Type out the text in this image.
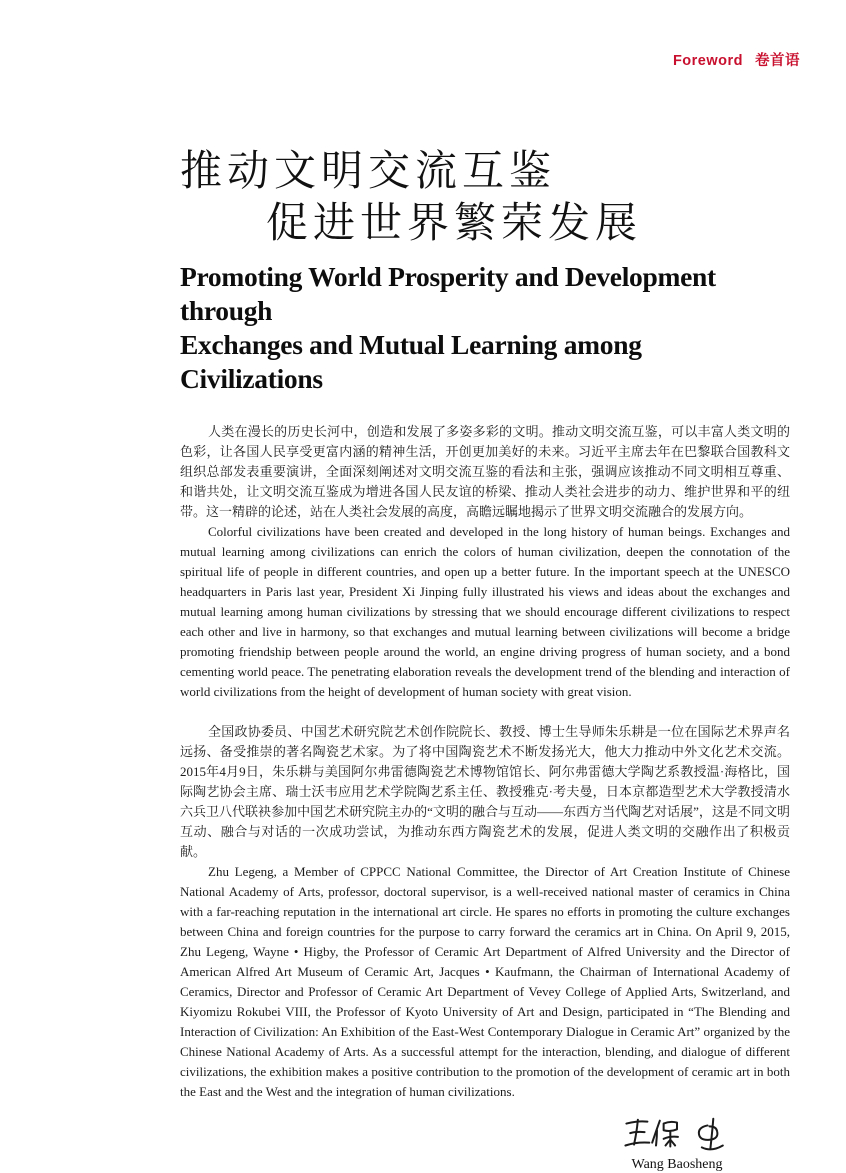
Foreword 卷首语
推动文明交流互鉴
促进世界繁荣发展
Promoting World Prosperity and Development through
Exchanges and Mutual Learning among Civilizations

人类在漫长的历史长河中，创造和发展了多姿多彩的文明。推动文明交流互鉴，可以丰富人类文明的色彩，让各国人民享受更富内涵的精神生活，开创更加美好的未来。习近平主席去年在巴黎联合国教科文组织总部发表重要演讲，全面深刻阐述对文明交流互鉴的看法和主张，强调应该推动不同文明相互尊重、和谐共处，让文明交流互鉴成为增进各国人民友谊的桥梁、推动人类社会进步的动力、维护世界和平的纽带。这一精辟的论述，站在人类社会发展的高度，高瞻远瞩地揭示了世界文明交流融合的发展方向。

Colorful civilizations have been created and developed in the long history of human beings. Exchanges and mutual learning among civilizations can enrich the colors of human civilization, deepen the connotation of the spiritual life of people in different countries, and open up a better future. In the important speech at the UNESCO headquarters in Paris last year, President Xi Jinping fully illustrated his views and ideas about the exchanges and mutual learning among human civilizations by stressing that we should encourage different civilizations to respect each other and live in harmony, so that exchanges and mutual learning between civilizations will become a bridge promoting friendship between people around the world, an engine driving progress of human society, and a bond cementing world peace. The penetrating elaboration reveals the development trend of the blending and interaction of world civilizations from the height of development of human society with great vision.

全国政协委员、中国艺术研究院艺术创作院院长、教授、博士生导师朱乐耕是一位在国际艺术界声名远扬、备受推崇的著名陶瓷艺术家。为了将中国陶瓷艺术不断发扬光大，他大力推动中外文化艺术交流。2015年4月9日，朱乐耕与美国阿尔弗雷德陶瓷艺术博物馆馆长、阿尔弗雷德大学陶艺系教授温·海格比，国际陶艺协会主席、瑞士沃韦应用艺术学院陶艺系主任、教授雅克·考夫曼，日本京都造型艺术大学教授清水六兵卫八代联袂参加中国艺术研究院主办的“文明的融合与互动——东西方当代陶艺对话展”，这是不同文明互动、融合与对话的一次成功尝试，为推动东西方陶瓷艺术的发展，促进人类文明的交融作出了积极贡献。

Zhu Legeng, a Member of CPPCC National Committee, the Director of Art Creation Institute of Chinese National Academy of Arts, professor, doctoral supervisor, is a well-received national master of ceramics in China with a far-reaching reputation in the international art circle. He spares no efforts in promoting the culture exchanges between China and foreign countries for the purpose to carry forward the ceramics art in China. On April 9, 2015, Zhu Legeng, Wayne • Higby, the Professor of Ceramic Art Department of Alfred University and the Director of American Alfred Art Museum of Ceramic Art, Jacques • Kaufmann, the Chairman of International Academy of Ceramics, Director and Professor of Ceramic Art Department of Vevey College of Applied Arts, Switzerland, and Kiyomizu Rokubei VIII, the Professor of Kyoto University of Art and Design, participated in “The Blending and Interaction of Civilization: An Exhibition of the East-West Contemporary Dialogue in Ceramic Art” organized by the Chinese National Academy of Arts. As a successful attempt for the interaction, blending, and dialogue of different civilizations, the exhibition makes a positive contribution to the promotion of the development of ceramic art in both the East and the West and the integration of human civilizations.

Wang Baosheng
